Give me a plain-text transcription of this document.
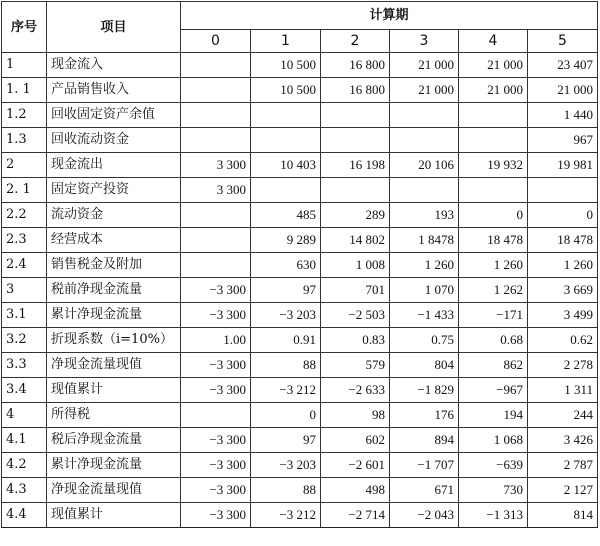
序号	项目	计算期					
		0	1	2	3	4	5
1	现金流入		10 500	16 800	21 000	21 000	23 407
1. 1	产品销售收入		10 500	16 800	21 000	21 000	21 000
1.2	回收固定资产余值						1 440
1.3	回收流动资金						967
2	现金流出	3 300	10 403	16 198	20 106	19 932	19 981
2. 1	固定资产投资	3 300					
2.2	流动资金		485	289	193	0	0
2.3	经营成本		9 289	14 802	1 8478	18 478	18 478
2.4	销售税金及附加		630	1 008	1 260	1 260	1 260
3	税前净现金流量	−3 300	97	701	1 070	1 262	3 669
3.1	累计净现金流量	−3 300	−3 203	−2 503	−1 433	−171	3 499
3.2	折现系数（i=10%）	1.00	0.91	0.83	0.75	0.68	0.62
3.3	净现金流量现值	−3 300	88	579	804	862	2 278
3.4	现值累计	−3 300	−3 212	−2 633	−1 829	−967	1 311
4	所得税		0	98	176	194	244
4.1	税后净现金流量	−3 300	97	602	894	1 068	3 426
4.2	累计净现金流量	−3 300	−3 203	−2 601	−1 707	−639	2 787
4.3	净现金流量现值	−3 300	88	498	671	730	2 127
4.4	现值累计	−3 300	−3 212	−2 714	−2 043	−1 313	814
